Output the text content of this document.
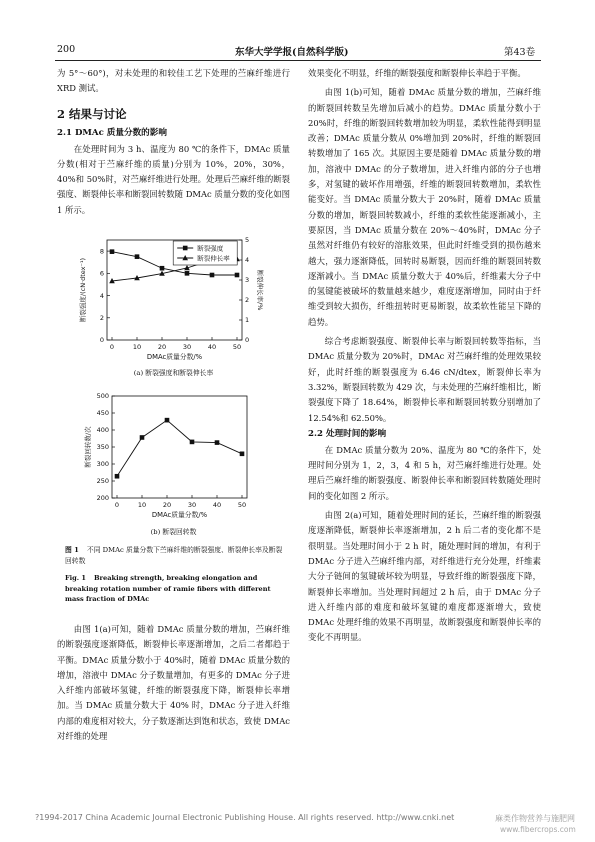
200	东华大学学报(自然科学版)	第43卷

为 5°～60°)，对未处理的和较佳工艺下处理的苎麻纤维进行 XRD 测试。

2 结果与讨论
2.1 DMAc 质量分数的影响

在处理时间为 3 h、温度为 80 ℃的条件下，DMAc 质量分数(相对于苎麻纤维的质量)分别为 10%，20%，30%，40%和 50%时，对苎麻纤维进行处理。处理后苎麻纤维的断裂强度、断裂伸长率和断裂回转数随 DMAc 质量分数的变化如图 1 所示。

0	10	20	30	40	50
0
2
4
6
8
0
1
2
3
4
5
断裂伸长率/%
断裂强度/(cN·dtex⁻¹)
DMAc质量分数/%
断裂强度
断裂伸长率
(a) 断裂强度和断裂伸长率
0	10	20	30	40	50
200
250
300
350
400
450
500
断裂回转数/次
DMAc质量分数/%
(b) 断裂回转数
图 1 不同 DMAc 质量分数下苎麻纤维的断裂强度、断裂伸长率及断裂回转数
Fig. 1 Breaking strength, breaking elongation and breaking rotation number of ramie fibers with different mass fraction of DMAc

由图 1(a)可知，随着 DMAc 质量分数的增加，苎麻纤维的断裂强度逐渐降低，断裂伸长率逐渐增加，之后二者都趋于平衡。DMAc 质量分数小于 40%时，随着 DMAc 质量分数的增加，溶液中 DMAc 分子数量增加，有更多的 DMAc 分子进入纤维内部破坏氢键，纤维的断裂强度下降，断裂伸长率增加。当 DMAc 质量分数大于 40% 时，DMAc 分子进入纤维内部的难度相对较大，分子数逐渐达到饱和状态，致使 DMAc 对纤维的处理

效果变化不明显，纤维的断裂强度和断裂伸长率趋于平衡。

由图 1(b)可知，随着 DMAc 质量分数的增加，苎麻纤维的断裂回转数呈先增加后减小的趋势。DMAc 质量分数小于 20%时，纤维的断裂回转数增加较为明显，柔软性能得到明显改善；DMAc 质量分数从 0%增加到 20%时，纤维的断裂回转数增加了 165 次。其原因主要是随着 DMAc 质量分数的增加，溶液中 DMAc 的分子数增加，进入纤维内部的分子也增多，对氢键的破坏作用增强，纤维的断裂回转数增加，柔软性能变好。当 DMAc 质量分数大于 20%时，随着 DMAc 质量分数的增加，断裂回转数减小，纤维的柔软性能逐渐减小，主要原因，当 DMAc 质量分数在 20%～40%时，DMAc 分子虽然对纤维仍有较好的溶胀效果，但此时纤维受到的损伤越来越大，强力逐渐降低，回转时易断裂，因而纤维的断裂回转数逐渐减小。当 DMAc 质量分数大于 40%后，纤维素大分子中的氢键能被破坏的数量越来越少，难度逐渐增加，同时由于纤维受到较大损伤，纤维扭转时更易断裂，故柔软性能呈下降的趋势。

综合考虑断裂强度、断裂伸长率与断裂回转数等指标，当 DMAc 质量分数为 20%时，DMAc 对苎麻纤维的处理效果较好，此时纤维的断裂强度为 6.46 cN/dtex，断裂伸长率为 3.32%，断裂回转数为 429 次，与未处理的苎麻纤维相比，断裂强度下降了 18.64%，断裂伸长率和断裂回转数分别增加了 12.54%和 62.50%。

2.2 处理时间的影响

在 DMAc 质量分数为 20%、温度为 80 ℃的条件下，处理时间分别为 1，2，3，4 和 5 h，对苎麻纤维进行处理。处理后苎麻纤维的断裂强度、断裂伸长率和断裂回转数随处理时间的变化如图 2 所示。

由图 2(a)可知，随着处理时间的延长，苎麻纤维的断裂强度逐渐降低，断裂伸长率逐渐增加，2 h 后二者的变化都不是很明显。当处理时间小于 2 h 时，随处理时间的增加，有利于 DMAc 分子进入苎麻纤维内部，对纤维进行充分处理，纤维素大分子链间的氢键破坏较为明显，导致纤维的断裂强度下降，断裂伸长率增加。当处理时间超过 2 h 后，由于 DMAc 分子进入纤维内部的难度和破坏氢键的难度都逐渐增大，致使 DMAc 处理纤维的效果不再明显，故断裂强度和断裂伸长率的变化不再明显。

?1994-2017 China Academic Journal Electronic Publishing House. All rights reserved. http://www.cnki.net	麻类作物营养与施肥网
www.fibercrops.com
